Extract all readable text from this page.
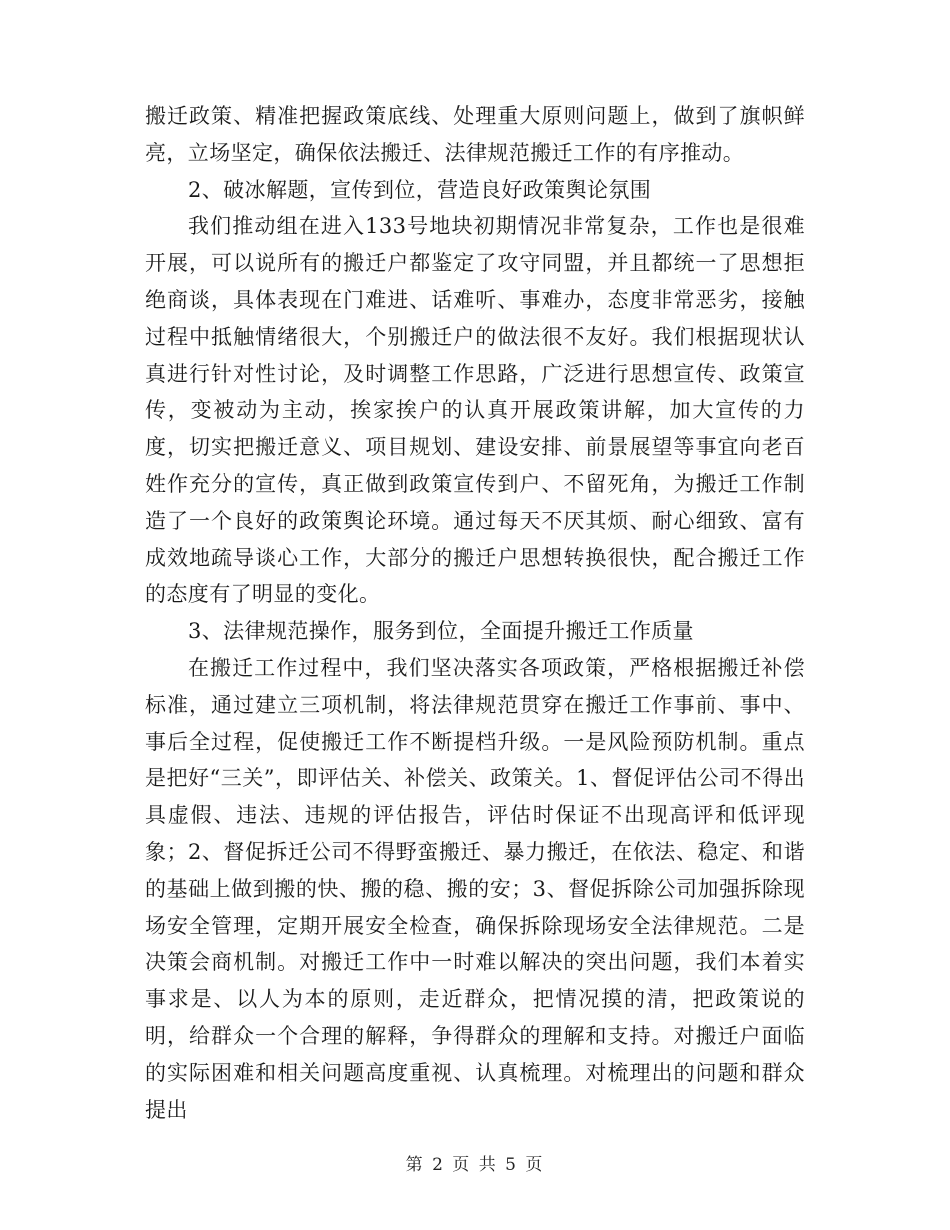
搬迁政策、精准把握政策底线、处理重大原则问题上，做到了旗帜鲜亮，立场坚定，确保依法搬迁、法律规范搬迁工作的有序推动。

2、破冰解题，宣传到位，营造良好政策舆论氛围

我们推动组在进入133号地块初期情况非常复杂，工作也是很难开展，可以说所有的搬迁户都鉴定了攻守同盟，并且都统一了思想拒绝商谈，具体表现在门难进、话难听、事难办，态度非常恶劣，接触过程中抵触情绪很大，个别搬迁户的做法很不友好。我们根据现状认真进行针对性讨论，及时调整工作思路，广泛进行思想宣传、政策宣传，变被动为主动，挨家挨户的认真开展政策讲解，加大宣传的力度，切实把搬迁意义、项目规划、建设安排、前景展望等事宜向老百姓作充分的宣传，真正做到政策宣传到户、不留死角，为搬迁工作制造了一个良好的政策舆论环境。通过每天不厌其烦、耐心细致、富有成效地疏导谈心工作，大部分的搬迁户思想转换很快，配合搬迁工作的态度有了明显的变化。

3、法律规范操作，服务到位，全面提升搬迁工作质量

在搬迁工作过程中，我们坚决落实各项政策，严格根据搬迁补偿标准，通过建立三项机制，将法律规范贯穿在搬迁工作事前、事中、事后全过程，促使搬迁工作不断提档升级。一是风险预防机制。重点是把好“三关”，即评估关、补偿关、政策关。1、督促评估公司不得出具虚假、违法、违规的评估报告，评估时保证不出现高评和低评现象；2、督促拆迁公司不得野蛮搬迁、暴力搬迁，在依法、稳定、和谐的基础上做到搬的快、搬的稳、搬的安；3、督促拆除公司加强拆除现场安全管理，定期开展安全检查，确保拆除现场安全法律规范。二是决策会商机制。对搬迁工作中一时难以解决的突出问题，我们本着实事求是、以人为本的原则，走近群众，把情况摸的清，把政策说的明，给群众一个合理的解释，争得群众的理解和支持。对搬迁户面临的实际困难和相关问题高度重视、认真梳理。对梳理出的问题和群众提出

第 2 页 共 5 页
